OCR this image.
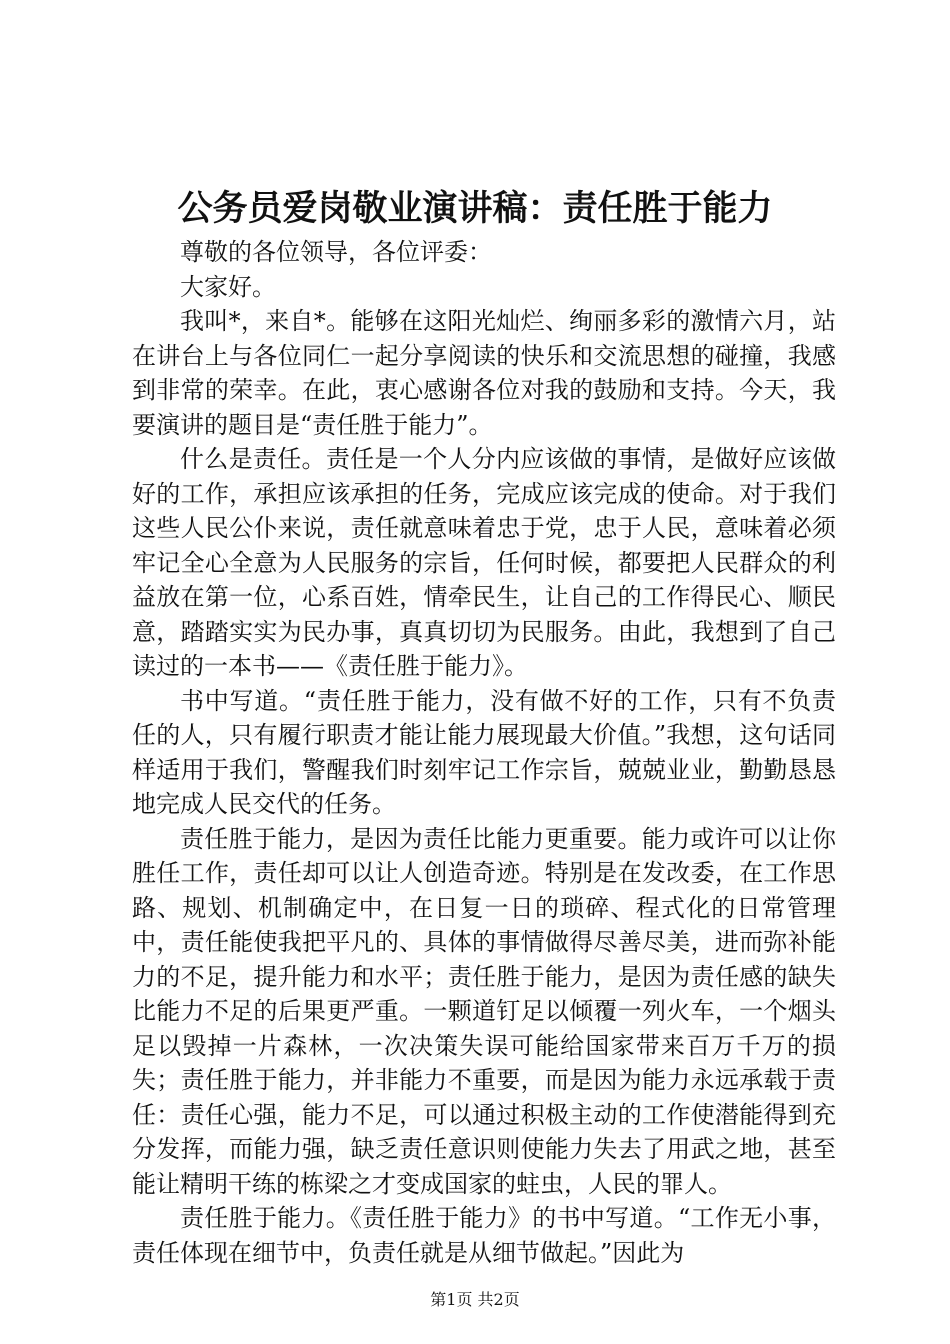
公务员爱岗敬业演讲稿：责任胜于能力

尊敬的各位领导，各位评委：

大家好。

我叫*，来自*。能够在这阳光灿烂、绚丽多彩的激情六月，站在讲台上与各位同仁一起分享阅读的快乐和交流思想的碰撞，我感到非常的荣幸。在此，衷心感谢各位对我的鼓励和支持。今天，我要演讲的题目是“责任胜于能力”。

什么是责任。责任是一个人分内应该做的事情，是做好应该做好的工作，承担应该承担的任务，完成应该完成的使命。对于我们这些人民公仆来说，责任就意味着忠于党，忠于人民，意味着必须牢记全心全意为人民服务的宗旨，任何时候，都要把人民群众的利益放在第一位，心系百姓，情牵民生，让自己的工作得民心、顺民意，踏踏实实为民办事，真真切切为民服务。由此，我想到了自己读过的一本书——《责任胜于能力》。

书中写道。“责任胜于能力，没有做不好的工作，只有不负责任的人，只有履行职责才能让能力展现最大价值。”我想，这句话同样适用于我们，警醒我们时刻牢记工作宗旨，兢兢业业，勤勤恳恳地完成人民交代的任务。

责任胜于能力，是因为责任比能力更重要。能力或许可以让你胜任工作，责任却可以让人创造奇迹。特别是在发改委，在工作思路、规划、机制确定中，在日复一日的琐碎、程式化的日常管理中，责任能使我把平凡的、具体的事情做得尽善尽美，进而弥补能力的不足，提升能力和水平；责任胜于能力，是因为责任感的缺失比能力不足的后果更严重。一颗道钉足以倾覆一列火车，一个烟头足以毁掉一片森林，一次决策失误可能给国家带来百万千万的损失；责任胜于能力，并非能力不重要，而是因为能力永远承载于责任：责任心强，能力不足，可以通过积极主动的工作使潜能得到充分发挥，而能力强，缺乏责任意识则使能力失去了用武之地，甚至能让精明干练的栋梁之才变成国家的蛀虫，人民的罪人。

责任胜于能力。《责任胜于能力》的书中写道。“工作无小事，责任体现在细节中，负责任就是从细节做起。”因此为

第1页 共2页
